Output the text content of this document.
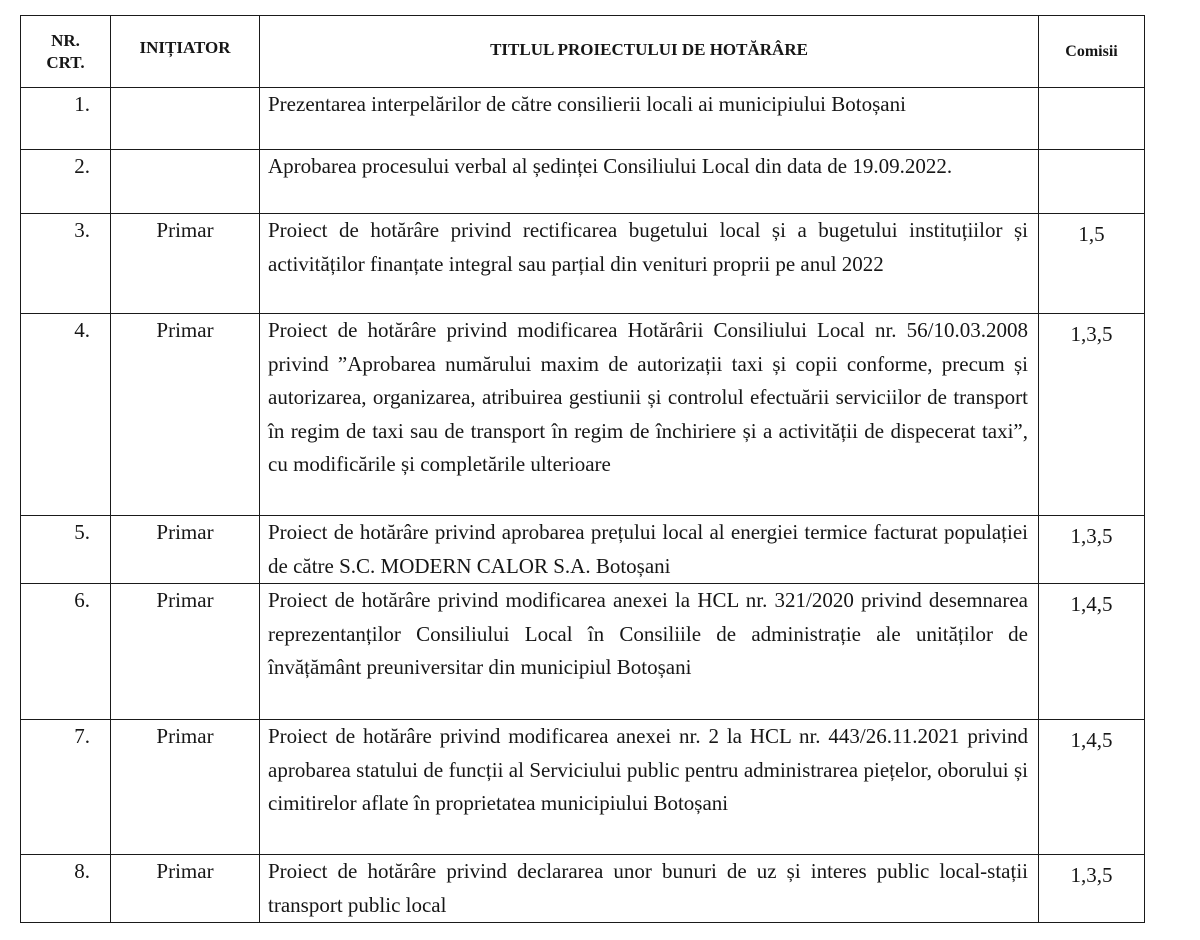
NR.
CRT.	INIȚIATOR	TITLUL PROIECTULUI DE HOTĂRÂRE	Comisii
1.		Prezentarea interpelărilor de către consilierii locali ai municipiului Botoșani	
2.		Aprobarea procesului verbal al ședinței Consiliului Local din data de 19.09.2022.	
3.	Primar	Proiect de hotărâre privind rectificarea bugetului local și a bugetului instituțiilor și activităților finanțate integral sau parțial din venituri proprii pe anul 2022	1,5
4.	Primar	Proiect de hotărâre privind modificarea Hotărârii Consiliului Local nr. 56/10.03.2008 privind ”Aprobarea numărului maxim de autorizații taxi și copii conforme, precum și autorizarea, organizarea, atribuirea gestiunii și controlul efectuării serviciilor de transport în regim de taxi sau de transport în regim de închiriere și a activității de dispecerat taxi”, cu modificările și completările ulterioare	1,3,5
5.	Primar	Proiect de hotărâre privind aprobarea prețului local al energiei termice facturat populației de către S.C. MODERN CALOR S.A. Botoșani	1,3,5
6.	Primar	Proiect de hotărâre privind modificarea anexei la HCL nr. 321/2020 privind desemnarea reprezentanților Consiliului Local în Consiliile de administrație ale unităților de învățământ preuniversitar din municipiul Botoșani	1,4,5
7.	Primar	Proiect de hotărâre privind modificarea anexei nr. 2 la HCL nr. 443/26.11.2021 privind aprobarea statului de funcții al Serviciului public pentru administrarea piețelor, oborului și cimitirelor aflate în proprietatea municipiului Botoșani	1,4,5
8.	Primar	Proiect de hotărâre privind declararea unor bunuri de uz și interes public local-stații transport public local	1,3,5
